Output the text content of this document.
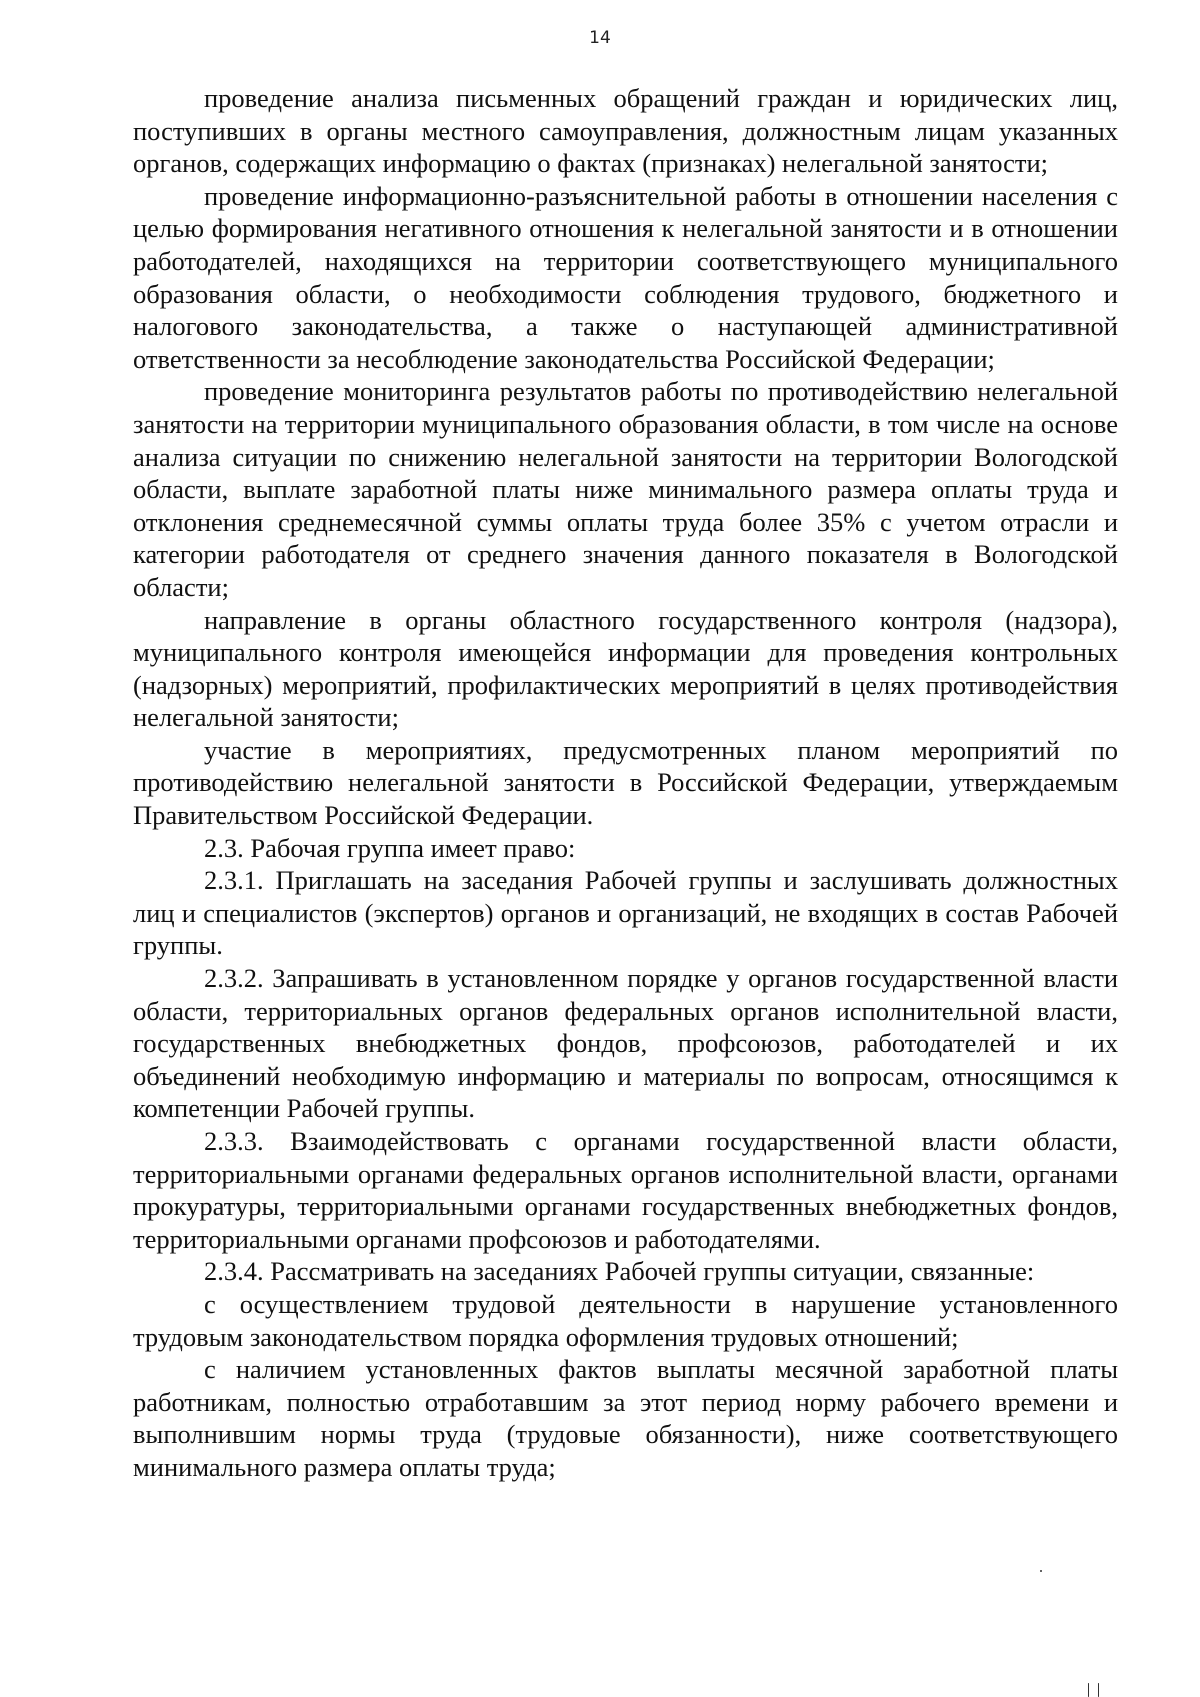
14

проведение анализа письменных обращений граждан и юридических лиц, поступивших в органы местного самоуправления, должностным лицам указанных органов, содержащих информацию о фактах (признаках) нелегальной занятости;

проведение информационно-разъяснительной работы в отношении населения с целью формирования негативного отношения к нелегальной занятости и в отношении работодателей, находящихся на территории соответствующего муниципального образования области, о необходимости соблюдения трудового, бюджетного и налогового законодательства, а также о наступающей административной ответственности за несоблюдение законодательства Российской Федерации;

проведение мониторинга результатов работы по противодействию нелегальной занятости на территории муниципального образования области, в том числе на основе анализа ситуации по снижению нелегальной занятости на территории Вологодской области, выплате заработной платы ниже минимального размера оплаты труда и отклонения среднемесячной суммы оплаты труда более 35% с учетом отрасли и категории работодателя от среднего значения данного показателя в Вологодской области;

направление в органы областного государственного контроля (надзора), муниципального контроля имеющейся информации для проведения контрольных (надзорных) мероприятий, профилактических мероприятий в целях противодействия нелегальной занятости;

участие в мероприятиях, предусмотренных планом мероприятий по противодействию нелегальной занятости в Российской Федерации, утверждаемым Правительством Российской Федерации.

2.3. Рабочая группа имеет право:

2.3.1. Приглашать на заседания Рабочей группы и заслушивать должностных лиц и специалистов (экспертов) органов и организаций, не входящих в состав Рабочей группы.

2.3.2. Запрашивать в установленном порядке у органов государственной власти области, территориальных органов федеральных органов исполнительной власти, государственных внебюджетных фондов, профсоюзов, работодателей и их объединений необходимую информацию и материалы по вопросам, относящимся к компетенции Рабочей группы.

2.3.3. Взаимодействовать с органами государственной власти области, территориальными органами федеральных органов исполнительной власти, органами прокуратуры, территориальными органами государственных внебюджетных фондов, территориальными органами профсоюзов и работодателями.

2.3.4. Рассматривать на заседаниях Рабочей группы ситуации, связанные:

с осуществлением трудовой деятельности в нарушение установленного трудовым законодательством порядка оформления трудовых отношений;

с наличием установленных фактов выплаты месячной заработной платы работникам, полностью отработавшим за этот период норму рабочего времени и выполнившим нормы труда (трудовые обязанности), ниже соответствующего минимального размера оплаты труда;
